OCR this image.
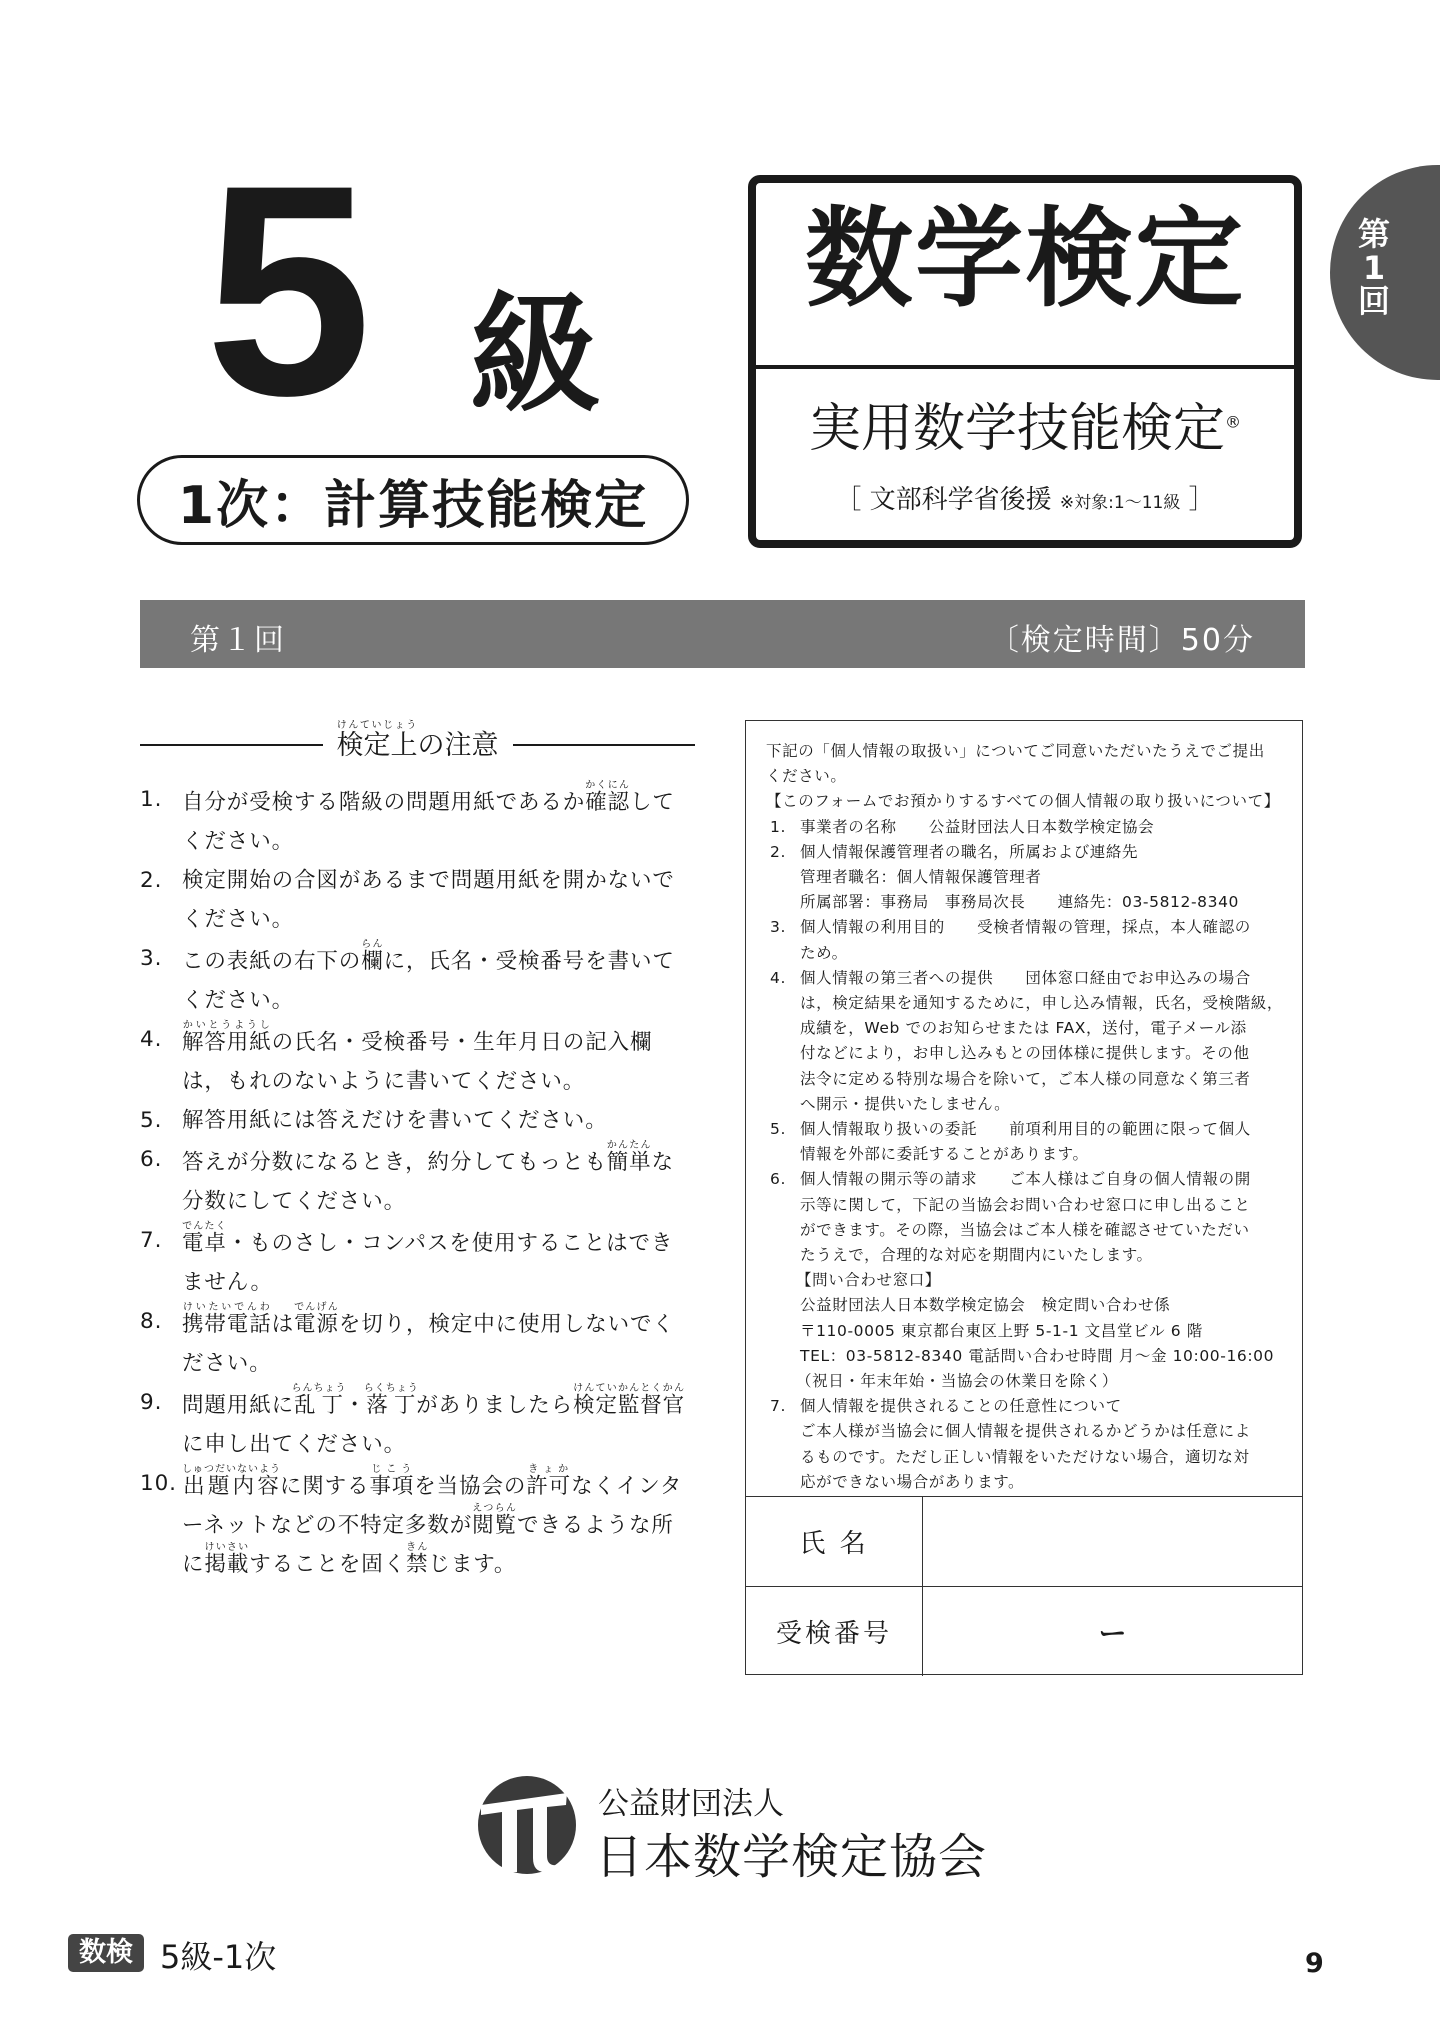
5 級
1次：計算技能検定
数学検定
実用数学技能検定®
［ 文部科学省後援 ※対象:1～11級 ］
第1回
第１回	〔検定時間〕50分
検定上けんていじょうの注意
1. 自分が受検する階級の問題用紙であるか確認かくにんしてください。
2. 検定開始の合図があるまで問題用紙を開かないでください。
3. この表紙の右下の欄らんに，氏名・受検番号を書いてください。
4. 解答用紙かいとうようしの氏名・受検番号・生年月日の記入欄は，もれのないように書いてください。
5. 解答用紙には答えだけを書いてください。
6. 答えが分数になるとき，約分してもっとも簡単かんたんな分数にしてください。
7. 電卓でんたく・ものさし・コンパスを使用することはできません。
8. 携帯電話けいたいでんわは電源でんげんを切り，検定中に使用しないでください。
9. 問題用紙に乱丁らんちょう・落丁らくちょうがありましたら検定監督官けんていかんとくかんに申し出てください。
10. 出題内容しゅつだいないように関する事項じこうを当協会の許可きょかなくインターネットなどの不特定多数が閲覧えつらんできるような所に掲けい載さいすることを固く禁きんじます。
下記の「個人情報の取扱い」についてご同意いただいたうえでご提出
ください。
【このフォームでお預かりするすべての個人情報の取り扱いについて】
1. 事業者の名称　　公益財団法人日本数学検定協会
2. 個人情報保護管理者の職名，所属および連絡先
管理者職名：個人情報保護管理者
所属部署：事務局　事務局次長　　連絡先：03-5812-8340
3. 個人情報の利用目的　　受検者情報の管理，採点，本人確認の
ため。
4. 個人情報の第三者への提供　　団体窓口経由でお申込みの場合
は，検定結果を通知するために，申し込み情報，氏名，受検階級，
成績を，Web でのお知らせまたは FAX，送付，電子メール添
付などにより，お申し込みもとの団体様に提供します。その他
法令に定める特別な場合を除いて，ご本人様の同意なく第三者
へ開示・提供いたしません。
5. 個人情報取り扱いの委託　　前項利用目的の範囲に限って個人
情報を外部に委託することがあります。
6. 個人情報の開示等の請求　　ご本人様はご自身の個人情報の開
示等に関して，下記の当協会お問い合わせ窓口に申し出ること
ができます。その際，当協会はご本人様を確認させていただい
たうえで，合理的な対応を期間内にいたします。
【問い合わせ窓口】
公益財団法人日本数学検定協会　検定問い合わせ係
〒110-0005 東京都台東区上野 5-1-1 文昌堂ビル 6 階
TEL：03-5812-8340 電話問い合わせ時間 月～金 10:00-16:00
（祝日・年末年始・当協会の休業日を除く）
7. 個人情報を提供されることの任意性について
ご本人様が当協会に個人情報を提供されるかどうかは任意によ
るものです。ただし正しい情報をいただけない場合，適切な対
応ができない場合があります。
氏 名
受検番号	ー
公益財団法人
日本数学検定協会
数検 5級-1次	9
